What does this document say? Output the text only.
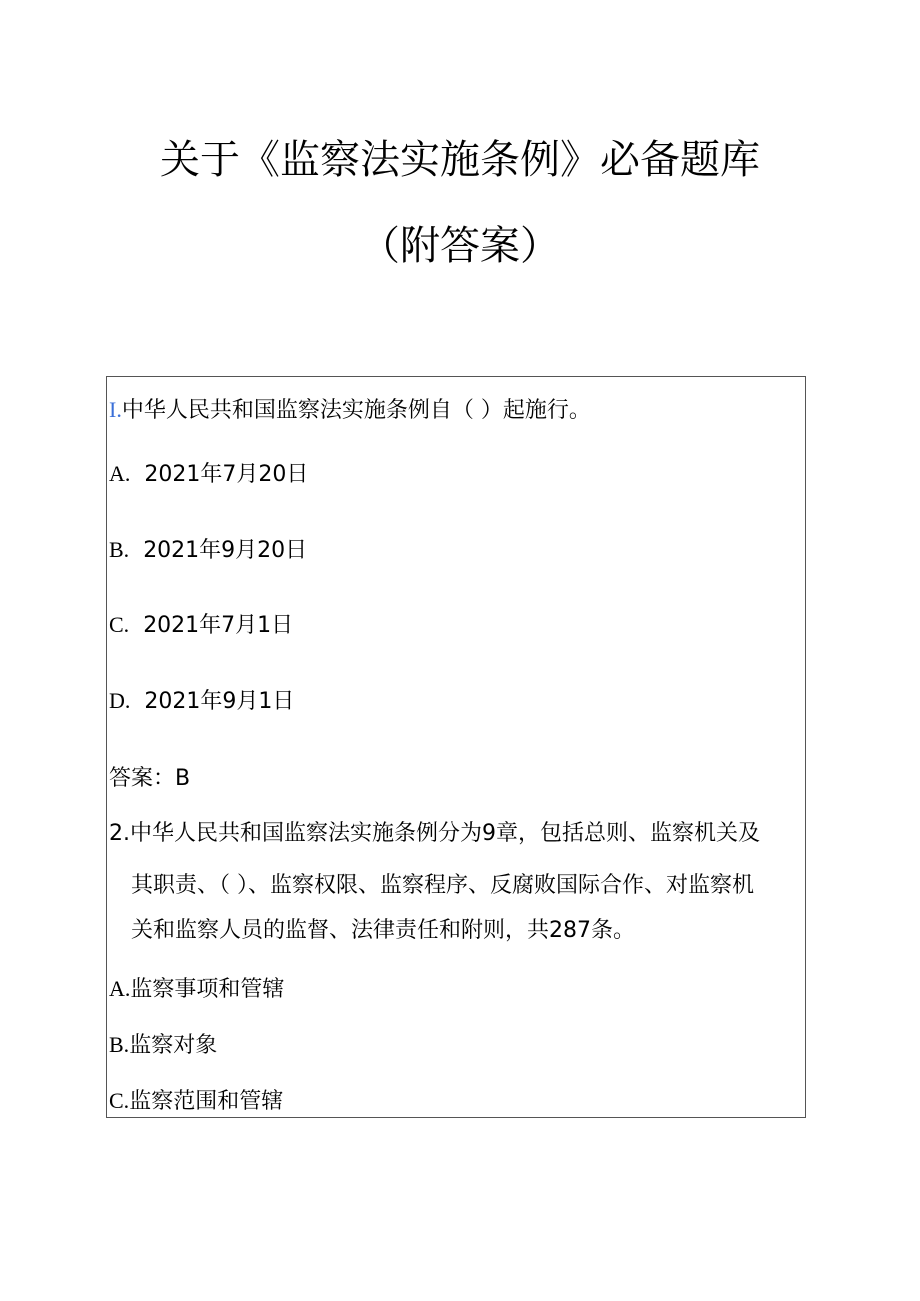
关于《监察法实施条例》必备题库
（附答案）
I.中华人民共和国监察法实施条例自（ ）起施行。
A. 2021年7月20日
B. 2021年9月20日
C. 2021年7月1日
D. 2021年9月1日
答案：B
2.中华人民共和国监察法实施条例分为9章，包括总则、监察机关及
其职责、（ ）、监察权限、监察程序、反腐败国际合作、对监察机
关和监察人员的监督、法律责任和附则，共287条。
A.监察事项和管辖
B.监察对象
C.监察范围和管辖
